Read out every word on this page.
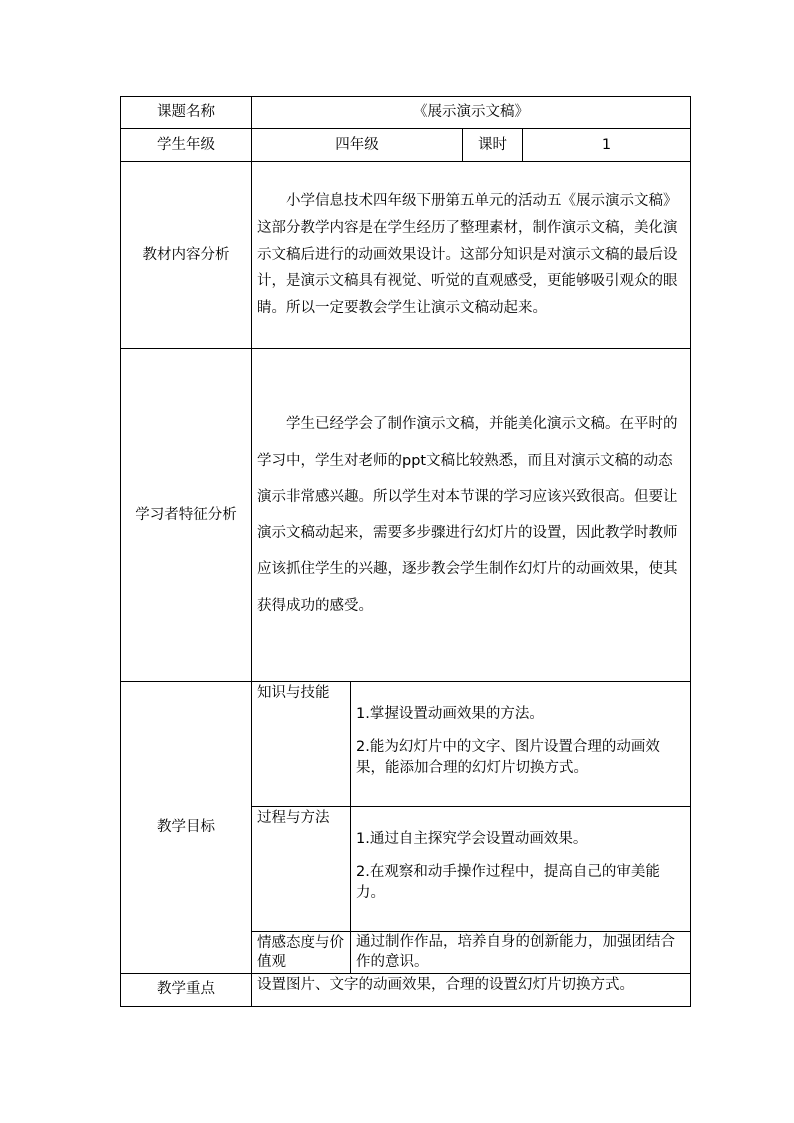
课题名称	《展示演示文稿》			
学生年级	四年级		课时	1
教材内容分析	小学信息技术四年级下册第五单元的活动五《展示演示文稿》这部分教学内容是在学生经历了整理素材，制作演示文稿，美化演示文稿后进行的动画效果设计。这部分知识是对演示文稿的最后设计，是演示文稿具有视觉、听觉的直观感受，更能够吸引观众的眼睛。所以一定要教会学生让演示文稿动起来。			

学习者特征分析	学生已经学会了制作演示文稿，并能美化演示文稿。在平时的学习中，学生对老师的ppt文稿比较熟悉，而且对演示文稿的动态演示非常感兴趣。所以学生对本节课的学习应该兴致很高。但要让演示文稿动起来，需要多步骤进行幻灯片的设置，因此教学时教师应该抓住学生的兴趣，逐步教会学生制作幻灯片的动画效果，使其获得成功的感受。			

教学目标	知识与技能	1.掌握设置动画效果的方法。

2.能为幻灯片中的文字、图片设置合理的动画效果，能添加合理的幻灯片切换方式。		

	过程与方法	1.通过自主探究学会设置动画效果。

2.在观察和动手操作过程中，提高自己的审美能力。		

	情感态度与价值观	通过制作作品，培养自身的创新能力，加强团结合作的意识。		
教学重点	设置图片、文字的动画效果，合理的设置幻灯片切换方式。			
